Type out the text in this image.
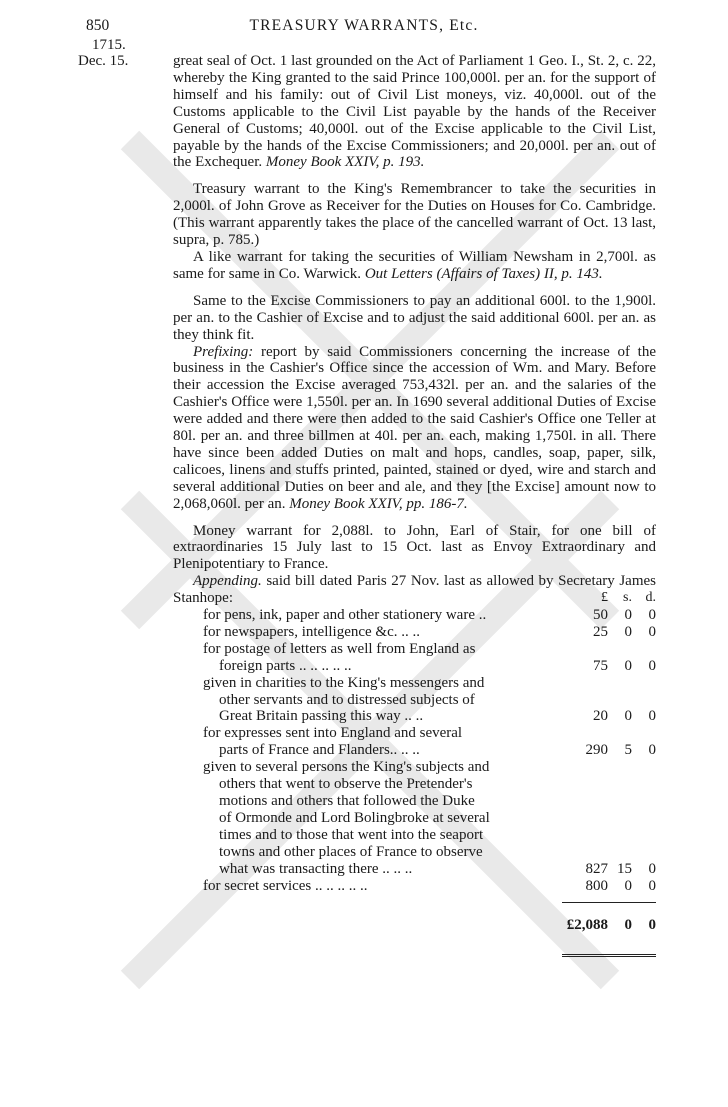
850	TREASURY WARRANTS, Etc.
1715.
Dec. 15.	great seal of Oct. 1 last grounded on the Act of Parliament 1 Geo. I., St. 2, c. 22, whereby the King granted to the said Prince 100,000l. per an. for the support of himself and his family: out of Civil List moneys, viz. 40,000l. out of the Customs applicable to the Civil List payable by the hands of the Receiver General of Customs; 40,000l. out of the Excise applicable to the Civil List, payable by the hands of the Excise Commissioners; and 20,000l. per an. out of the Exchequer. Money Book XXIV, p. 193.

Treasury warrant to the King's Remembrancer to take the securities in 2,000l. of John Grove as Receiver for the Duties on Houses for Co. Cambridge. (This warrant apparently takes the place of the cancelled warrant of Oct. 13 last, supra, p. 785.)

A like warrant for taking the securities of William Newsham in 2,700l. as same for same in Co. Warwick. Out Letters (Affairs of Taxes) II, p. 143.

Same to the Excise Commissioners to pay an additional 600l. to the 1,900l. per an. to the Cashier of Excise and to adjust the said additional 600l. per an. as they think fit.

Prefixing: report by said Commissioners concerning the increase of the business in the Cashier's Office since the accession of Wm. and Mary. Before their accession the Excise averaged 753,432l. per an. and the salaries of the Cashier's Office were 1,550l. per an. In 1690 several additional Duties of Excise were added and there were then added to the said Cashier's Office one Teller at 80l. per an. and three billmen at 40l. per an. each, making 1,750l. in all. There have since been added Duties on malt and hops, candles, soap, paper, silk, calicoes, linens and stuffs printed, painted, stained or dyed, wire and starch and several additional Duties on beer and ale, and they [the Excise] amount now to 2,068,060l. per an. Money Book XXIV, pp. 186-7.

Money warrant for 2,088l. to John, Earl of Stair, for one bill of extraordinaries 15 July last to 15 Oct. last as Envoy Extraordinary and Plenipotentiary to France.

Appending. said bill dated Paris 27 Nov. last as allowed by Secretary James Stanhope:	£	s. d.
for pens, ink, paper and other stationery ware ..	50	0	0
for newspapers, intelligence &c. .. ..	25	0	0
for postage of letters as well from England as

foreign parts .. .. .. .. ..	75	0	0
given in charities to the King's messengers and

other servants and to distressed subjects of
Great Britain passing this way .. ..	20	0	0
for expresses sent into England and several

parts of France and Flanders.. .. ..	290	5	0
given to several persons the King's subjects and

others that went to observe the Pretender's
motions and others that followed the Duke
of Ormonde and Lord Bolingbroke at several
times and to those that went into the seaport
towns and other places of France to observe
what was transacting there .. .. ..	827 15	0
for secret services .. .. .. .. ..	800	0	0
£2,088	0	0
